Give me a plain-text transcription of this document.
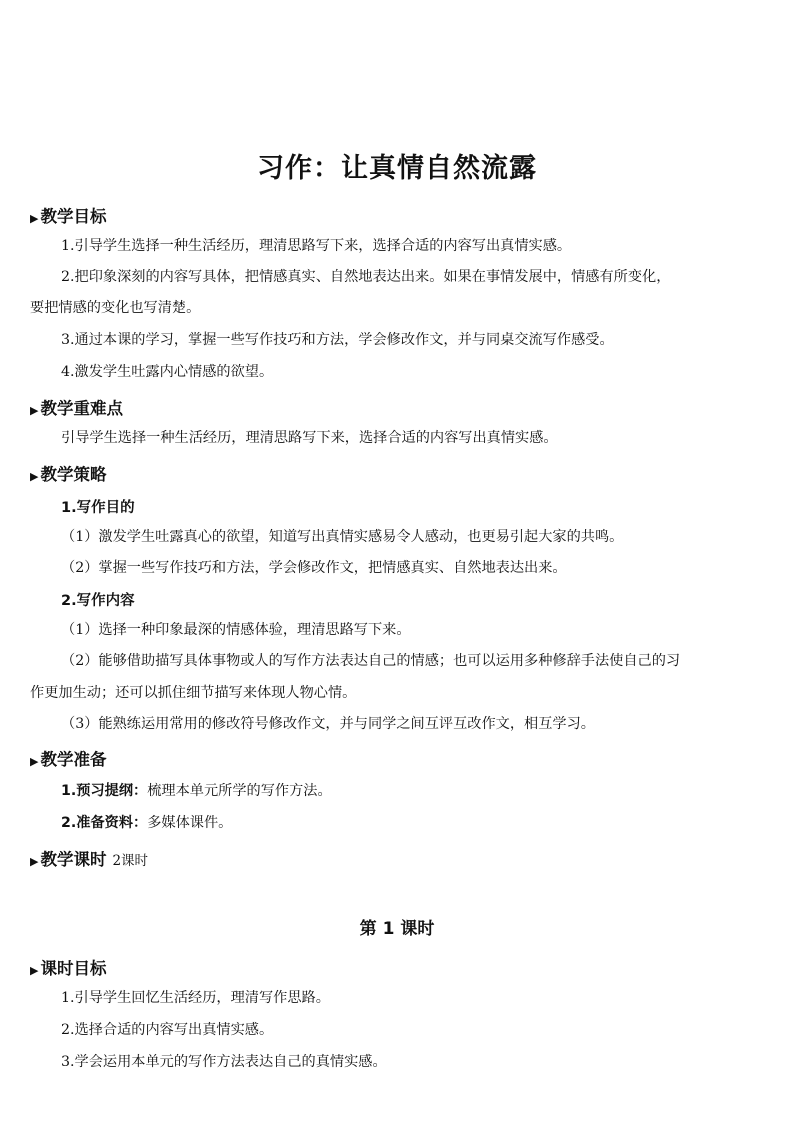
习作：让真情自然流露
▶ 教学目标
1.引导学生选择一种生活经历，理清思路写下来，选择合适的内容写出真情实感。
2.把印象深刻的内容写具体，把情感真实、自然地表达出来。如果在事情发展中，情感有所变化，
要把情感的变化也写清楚。
3.通过本课的学习，掌握一些写作技巧和方法，学会修改作文，并与同桌交流写作感受。
4.激发学生吐露内心情感的欲望。
▶ 教学重难点
引导学生选择一种生活经历，理清思路写下来，选择合适的内容写出真情实感。
▶ 教学策略
1.写作目的
（1）激发学生吐露真心的欲望，知道写出真情实感易令人感动，也更易引起大家的共鸣。
（2）掌握一些写作技巧和方法，学会修改作文，把情感真实、自然地表达出来。
2.写作内容
（1）选择一种印象最深的情感体验，理清思路写下来。
（2）能够借助描写具体事物或人的写作方法表达自己的情感；也可以运用多种修辞手法使自己的习
作更加生动；还可以抓住细节描写来体现人物心情。
（3）能熟练运用常用的修改符号修改作文，并与同学之间互评互改作文，相互学习。
▶ 教学准备
1.预习提纲：梳理本单元所学的写作方法。
2.准备资料：多媒体课件。
▶ 教学课时 2课时
第 1 课时
▶ 课时目标
1.引导学生回忆生活经历，理清写作思路。
2.选择合适的内容写出真情实感。
3.学会运用本单元的写作方法表达自己的真情实感。
